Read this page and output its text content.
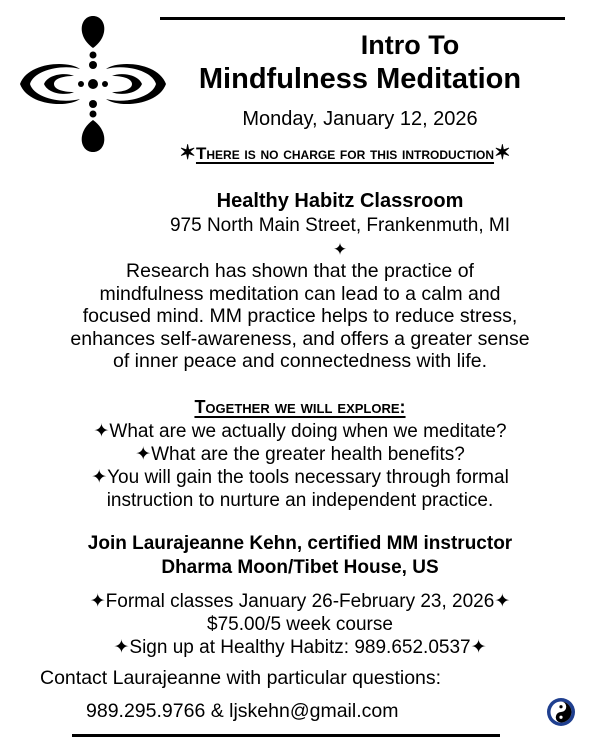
Intro To
Mindfulness Meditation
Monday, January 12, 2026
✶There is no charge for this introduction✶
Healthy Habitz Classroom
975 North Main Street, Frankenmuth, MI
✦
Research has shown that the practice of
mindfulness meditation can lead to a calm and
focused mind. MM practice helps to reduce stress,
enhances self-awareness, and offers a greater sense
of inner peace and connectedness with life.
Together we will explore:
✦What are we actually doing when we meditate?
✦What are the greater health benefits?
✦You will gain the tools necessary through formal
instruction to nurture an independent practice.
Join Laurajeanne Kehn, certified MM instructor
Dharma Moon/Tibet House, US
✦Formal classes January 26-February 23, 2026✦
$75.00/5 week course
✦Sign up at Healthy Habitz: 989.652.0537✦
Contact Laurajeanne with particular questions:
989.295.9766 & ljskehn@gmail.com
